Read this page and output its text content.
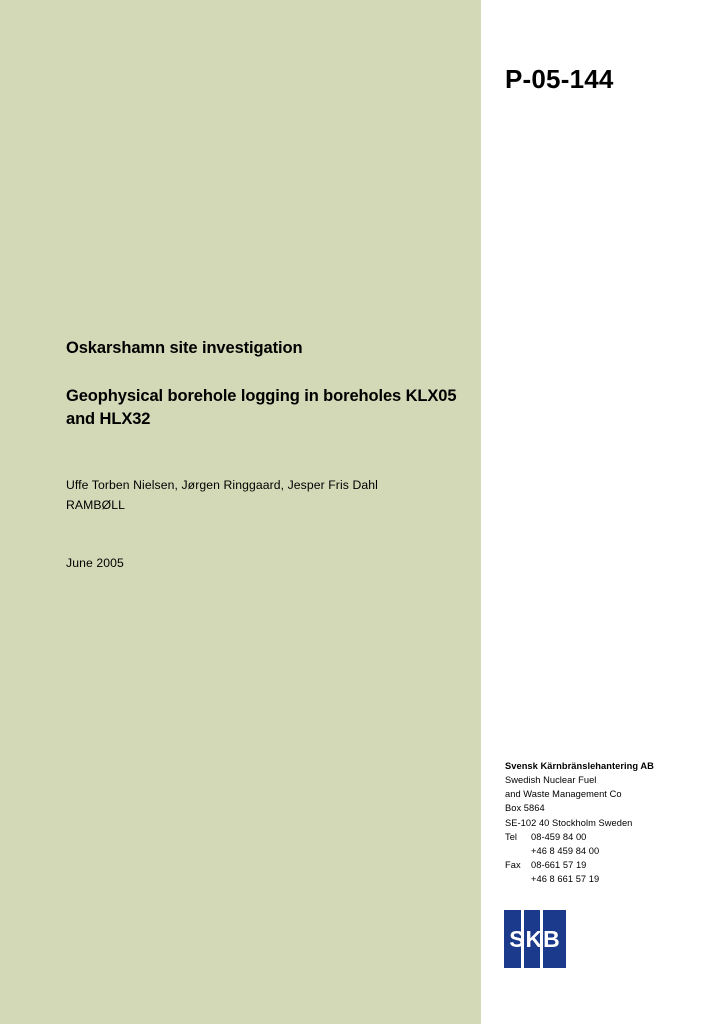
P-05-144

Oskarshamn site investigation

Geophysical borehole logging in boreholes KLX05 and HLX32

Uffe Torben Nielsen, Jørgen Ringgaard, Jesper Fris Dahl

RAMBØLL

June 2005

Svensk Kärnbränslehantering AB

Swedish Nuclear Fuel

and Waste Management Co

Box 5864

SE-102 40 Stockholm Sweden

Tel	08-459 84 00

+46 8 459 84 00

Fax	08-661 57 19

+46 8 661 57 19

SKB
